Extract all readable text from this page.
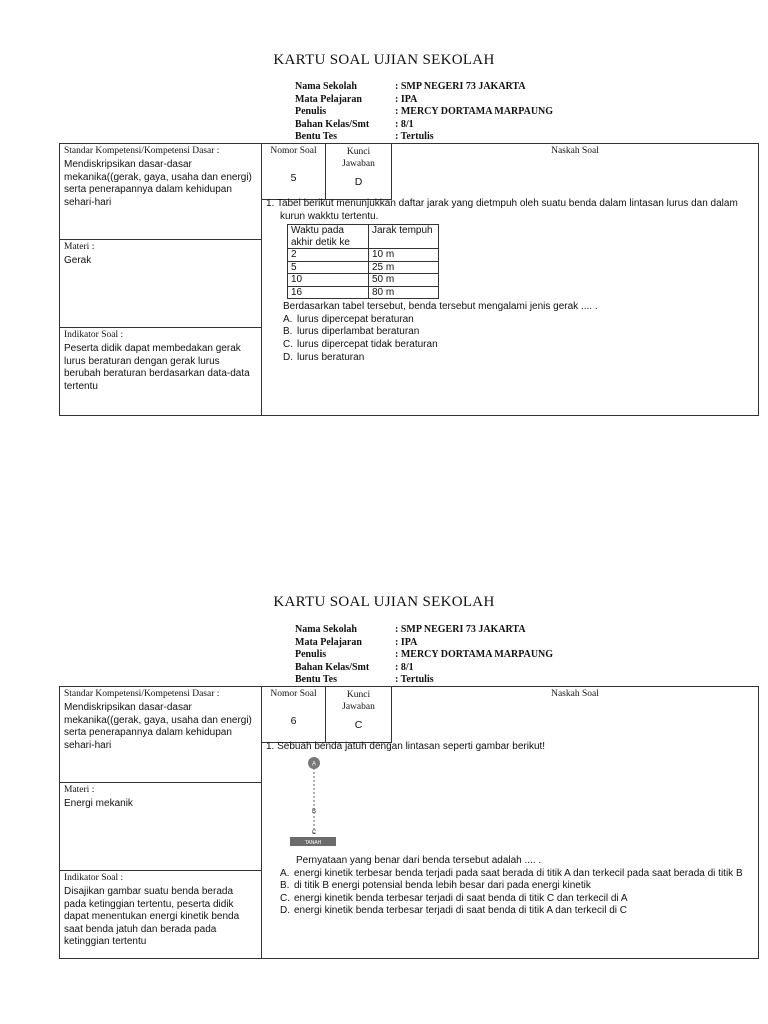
KARTU SOAL UJIAN SEKOLAH
Nama Sekolah	: SMP NEGERI 73 JAKARTA
Mata Pelajaran	: IPA
Penulis	: MERCY DORTAMA MARPAUNG
Bahan Kelas/Smt	: 8/1
Bentu Tes	: Tertulis
Standar Kompetensi/Kompetensi Dasar :
Mendiskripsikan dasar-dasar mekanika((gerak, gaya, usaha dan energi) serta penerapannya dalam kehidupan sehari-hari
Materi :
Gerak
Indikator Soal :
Peserta didik dapat membedakan gerak lurus beraturan dengan gerak lurus berubah beraturan berdasarkan data-data tertentu
Nomor Soal
5
Kunci Jawaban
D
Naskah Soal
1. Tabel berikut menunjukkan daftar jarak yang dietmpuh oleh suatu benda dalam lintasan lurus dan dalam kurun wakktu tertentu.
Waktu pada akhir detik ke	Jarak tempuh
2	10 m
5	25 m
10	50 m
16	80 m
Berdasarkan tabel tersebut, benda tersebut mengalami jenis gerak .... .
A. lurus dipercepat beraturan
B. lurus diperlambat beraturan
C. lurus dipercepat tidak beraturan
D. lurus beraturan
KARTU SOAL UJIAN SEKOLAH
Nama Sekolah	: SMP NEGERI 73 JAKARTA
Mata Pelajaran	: IPA
Penulis	: MERCY DORTAMA MARPAUNG
Bahan Kelas/Smt	: 8/1
Bentu Tes	: Tertulis
Standar Kompetensi/Kompetensi Dasar :
Mendiskripsikan dasar-dasar mekanika((gerak, gaya, usaha dan energi) serta penerapannya dalam kehidupan sehari-hari
Materi :
Energi mekanik
Indikator Soal :
Disajikan gambar suatu benda berada pada ketinggian tertentu, peserta didik dapat menentukan energi kinetik benda saat benda jatuh dan berada pada ketinggian tertentu
Nomor Soal
6
Kunci Jawaban
C
Naskah Soal
1. Sebuah benda jatuh dengan lintasan seperti gambar berikut!
A
B
C
TANAH
Pernyataan yang benar dari benda tersebut adalah .... .
A. energi kinetik terbesar benda terjadi pada saat berada di titik A dan terkecil pada saat berada di titik B
B. di titik B energi potensial benda lebih besar dari pada energi kinetik
C. energi kinetik benda terbesar terjadi di saat benda di titik C dan terkecil di A
D. energi kinetik benda terbesar terjadi di saat benda di titik A dan terkecil di C
